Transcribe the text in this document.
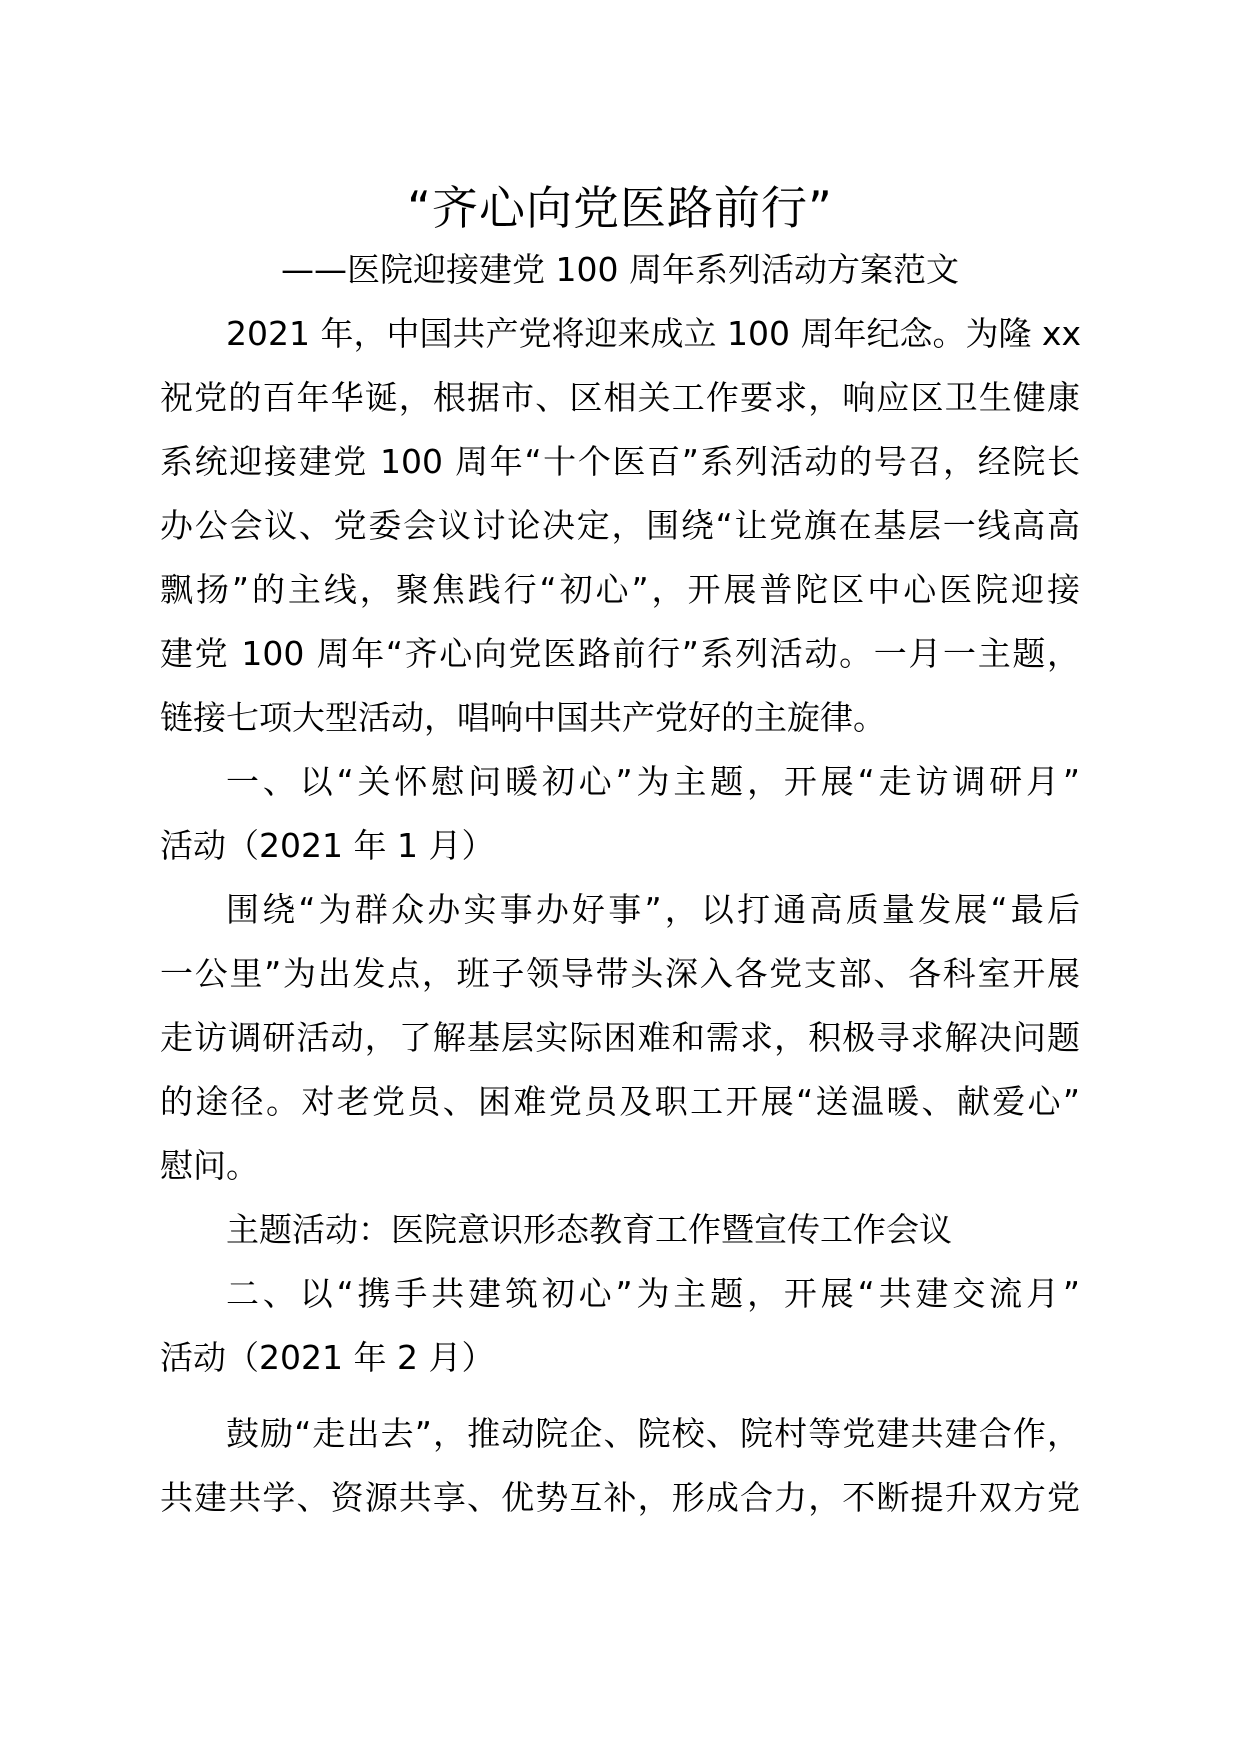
“齐心向党医路前行”

——医院迎接建党 100 周年系列活动方案范文

2021 年，中国共产党将迎来成立 100 周年纪念。为隆 xx

祝党的百年华诞，根据市、区相关工作要求，响应区卫生健康

系统迎接建党 100 周年“十个医百”系列活动的号召，经院长

办公会议、党委会议讨论决定，围绕“让党旗在基层一线高高

飘扬”的主线，聚焦践行“初心”，开展普陀区中心医院迎接

建党 100 周年“齐心向党医路前行”系列活动。一月一主题，

链接七项大型活动，唱响中国共产党好的主旋律。

一、以“关怀慰问暖初心”为主题，开展“走访调研月”

活动（2021 年 1 月）

围绕“为群众办实事办好事”，以打通高质量发展“最后

一公里”为出发点，班子领导带头深入各党支部、各科室开展

走访调研活动，了解基层实际困难和需求，积极寻求解决问题

的途径。对老党员、困难党员及职工开展“送温暖、献爱心”

慰问。

主题活动：医院意识形态教育工作暨宣传工作会议

二、以“携手共建筑初心”为主题，开展“共建交流月”

活动（2021 年 2 月）

鼓励“走出去”，推动院企、院校、院村等党建共建合作，

共建共学、资源共享、优势互补，形成合力，不断提升双方党
